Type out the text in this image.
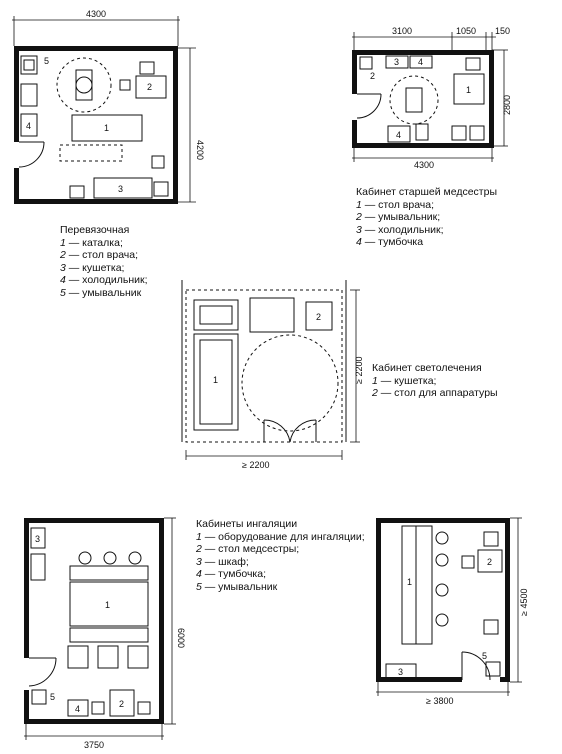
4300
4200
5
4
2
1
3
3100	1050 150
2800
4300
2
3 4
1
4
1
2
≥ 2200
≥ 2200
3
1
5
4	2
6000
3750
1
2
3
5
≥ 4500
≥ 3800
Перевязочная
1 — каталка;
2 — стол врача;
3 — кушетка;
4 — холодильник;
5 — умывальник
Кабинет старшей медсестры
1 — стол врача;
2 — умывальник;
3 — холодильник;
4 — тумбочка
Кабинет светолечения
1 — кушетка;
2 — стол для аппаратуры
Кабинеты ингаляции
1 — оборудование для ингаляции;
2 — стол медсестры;
3 — шкаф;
4 — тумбочка;
5 — умывальник
